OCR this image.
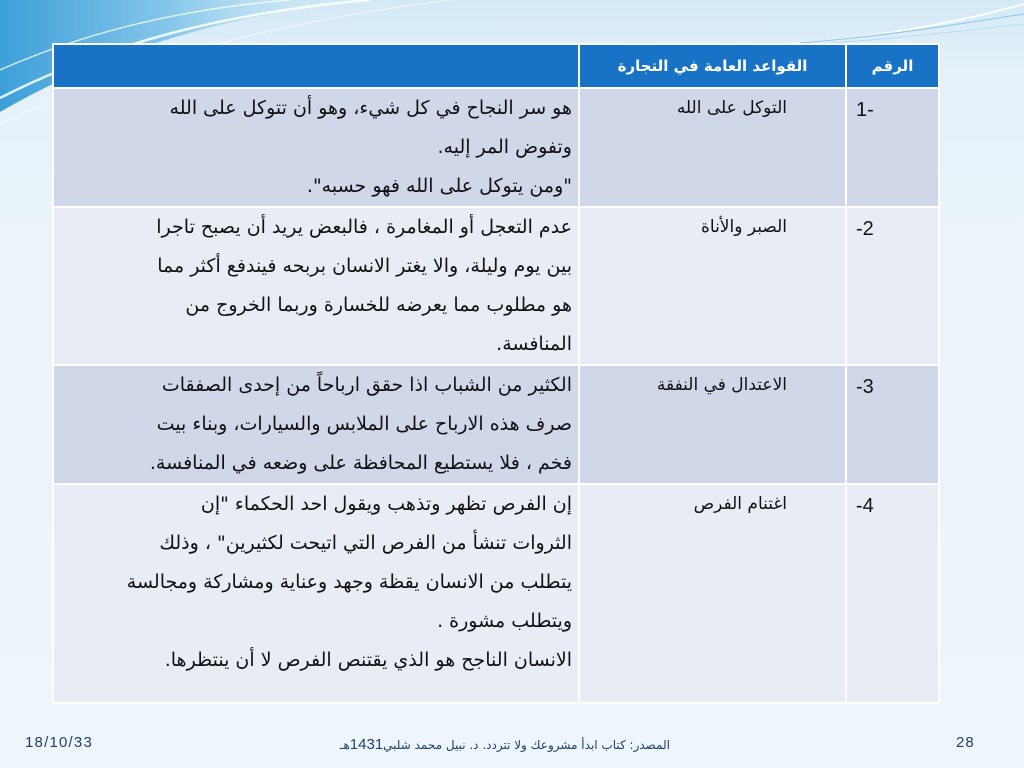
الرقم	القواعد العامة في التجارة	
1-	التوكل على الله	هو سر النجاح في كل شيء، وهو أن تتوكل على الله
وتفوض المر إليه.
"ومن يتوكل على الله فهو حسبه".

-2	الصبر والأناة	عدم التعجل أو المغامرة ، فالبعض يريد أن يصبح تاجرا
بين يوم وليلة، والا يغتر الانسان بربحه فيندفع أكثر مما
هو مطلوب مما يعرضه للخسارة وربما الخروج من
المنافسة.

-3	الاعتدال في النفقة	الكثير من الشباب اذا حقق ارباحاً من إحدى الصفقات
صرف هذه الارباح على الملابس والسيارات، وبناء بيت
فخم ، فلا يستطيع المحافظة على وضعه في المنافسة.

-4	اغتنام الفرص	إن الفرص تظهر وتذهب ويقول احد الحكماء "إن
الثروات تنشأ من الفرص التي اتيحت لكثيرين" ، وذلك
يتطلب من الانسان يقظة وجهد وعناية ومشاركة ومجالسة
ويتطلب مشورة .
الانسان الناجح هو الذي يقتنص الفرص لا أن ينتظرها.
18/10/33	المصدر: كتاب ابدأ مشروعك ولا تتردد. د. نبيل محمد شلبي1431هـ	28
